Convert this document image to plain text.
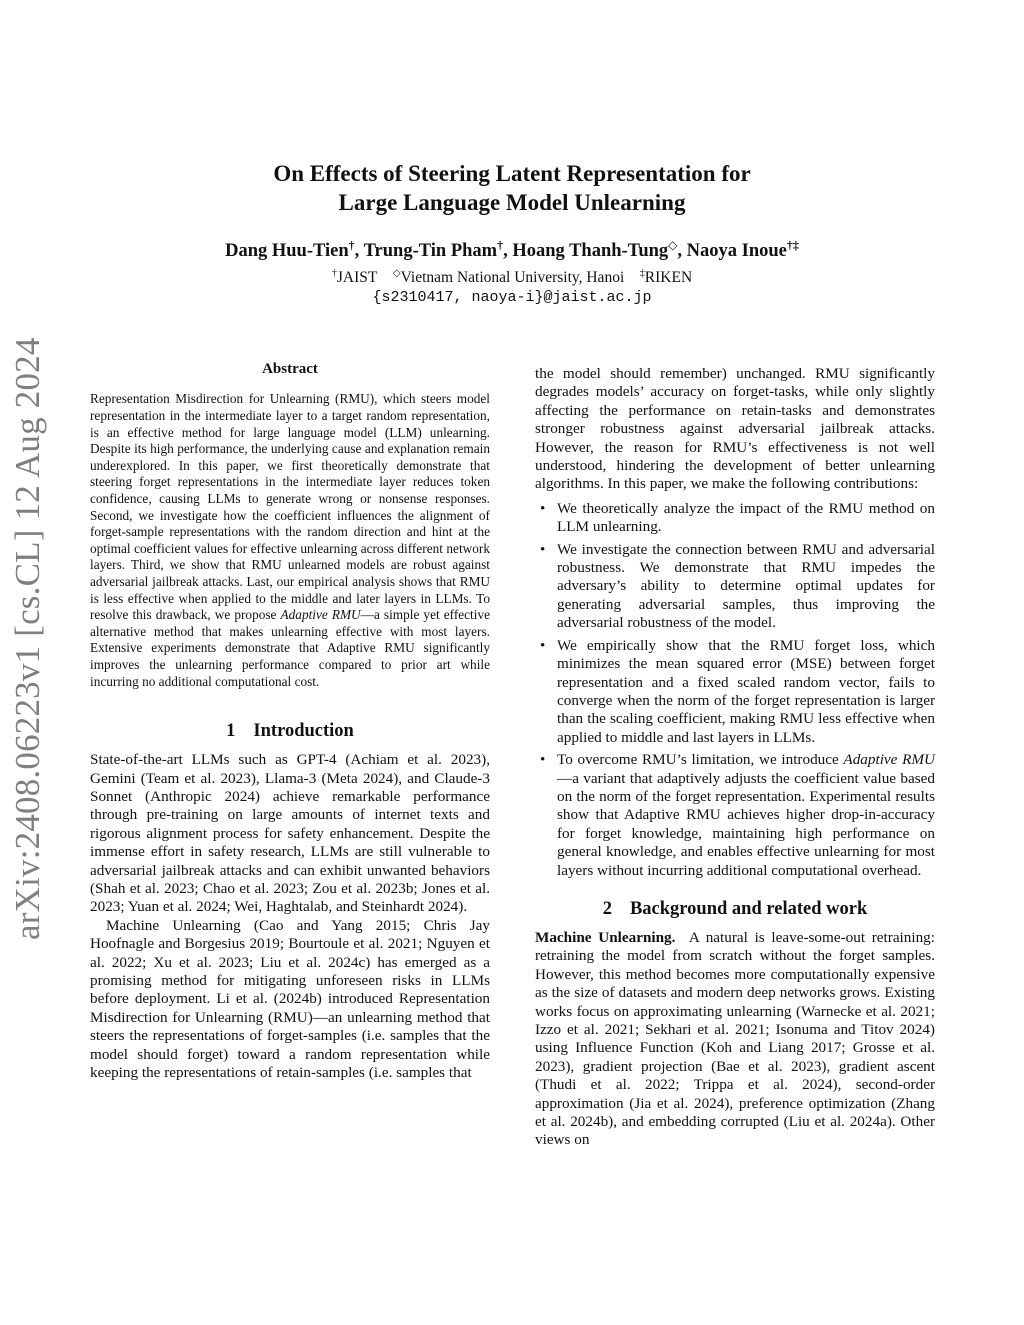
arXiv:2408.06223v1 [cs.CL] 12 Aug 2024
On Effects of Steering Latent Representation for
Large Language Model Unlearning
Dang Huu-Tien†, Trung-Tin Pham†, Hoang Thanh-Tung◇, Naoya Inoue†‡
†JAIST ◇Vietnam National University, Hanoi ‡RIKEN
{s2310417, naoya-i}@jaist.ac.jp
Abstract

Representation Misdirection for Unlearning (RMU), which steers model representation in the intermediate layer to a target random representation, is an effective method for large language model (LLM) unlearning. Despite its high performance, the underlying cause and explanation remain underexplored. In this paper, we first theoretically demonstrate that steering forget representations in the intermediate layer reduces token confidence, causing LLMs to generate wrong or nonsense responses. Second, we investigate how the coefficient influences the alignment of forget-sample representations with the random direction and hint at the optimal coefficient values for effective unlearning across different network layers. Third, we show that RMU unlearned models are robust against adversarial jailbreak attacks. Last, our empirical analysis shows that RMU is less effective when applied to the middle and later layers in LLMs. To resolve this drawback, we propose Adaptive RMU—a simple yet effective alternative method that makes unlearning effective with most layers. Extensive experiments demonstrate that Adaptive RMU significantly improves the unlearning performance compared to prior art while incurring no additional computational cost.

1 Introduction

State-of-the-art LLMs such as GPT-4 (Achiam et al. 2023), Gemini (Team et al. 2023), Llama-3 (Meta 2024), and Claude-3 Sonnet (Anthropic 2024) achieve remarkable performance through pre-training on large amounts of internet texts and rigorous alignment process for safety enhancement. Despite the immense effort in safety research, LLMs are still vulnerable to adversarial jailbreak attacks and can exhibit unwanted behaviors (Shah et al. 2023; Chao et al. 2023; Zou et al. 2023b; Jones et al. 2023; Yuan et al. 2024; Wei, Haghtalab, and Steinhardt 2024).

Machine Unlearning (Cao and Yang 2015; Chris Jay Hoofnagle and Borgesius 2019; Bourtoule et al. 2021; Nguyen et al. 2022; Xu et al. 2023; Liu et al. 2024c) has emerged as a promising method for mitigating unforeseen risks in LLMs before deployment. Li et al. (2024b) introduced Representation Misdirection for Unlearning (RMU)—an unlearning method that steers the representations of forget-samples (i.e. samples that the model should forget) toward a random representation while keeping the representations of retain-samples (i.e. samples that

the model should remember) unchanged. RMU significantly degrades models’ accuracy on forget-tasks, while only slightly affecting the performance on retain-tasks and demonstrates stronger robustness against adversarial jailbreak attacks. However, the reason for RMU’s effectiveness is not well understood, hindering the development of better unlearning algorithms. In this paper, we make the following contributions:

• We theoretically analyze the impact of the RMU method on LLM unlearning.
• We investigate the connection between RMU and adversarial robustness. We demonstrate that RMU impedes the adversary’s ability to determine optimal updates for generating adversarial samples, thus improving the adversarial robustness of the model.
• We empirically show that the RMU forget loss, which minimizes the mean squared error (MSE) between forget representation and a fixed scaled random vector, fails to converge when the norm of the forget representation is larger than the scaling coefficient, making RMU less effective when applied to middle and last layers in LLMs.
• To overcome RMU’s limitation, we introduce Adaptive RMU—a variant that adaptively adjusts the coefficient value based on the norm of the forget representation. Experimental results show that Adaptive RMU achieves higher drop-in-accuracy for forget knowledge, maintaining high performance on general knowledge, and enables effective unlearning for most layers without incurring additional computational overhead.
2 Background and related work

Machine Unlearning. A natural is leave-some-out retraining: retraining the model from scratch without the forget samples. However, this method becomes more computationally expensive as the size of datasets and modern deep networks grows. Existing works focus on approximating unlearning (Warnecke et al. 2021; Izzo et al. 2021; Sekhari et al. 2021; Isonuma and Titov 2024) using Influence Function (Koh and Liang 2017; Grosse et al. 2023), gradient projection (Bae et al. 2023), gradient ascent (Thudi et al. 2022; Trippa et al. 2024), second-order approximation (Jia et al. 2024), preference optimization (Zhang et al. 2024b), and embedding corrupted (Liu et al. 2024a). Other views on
